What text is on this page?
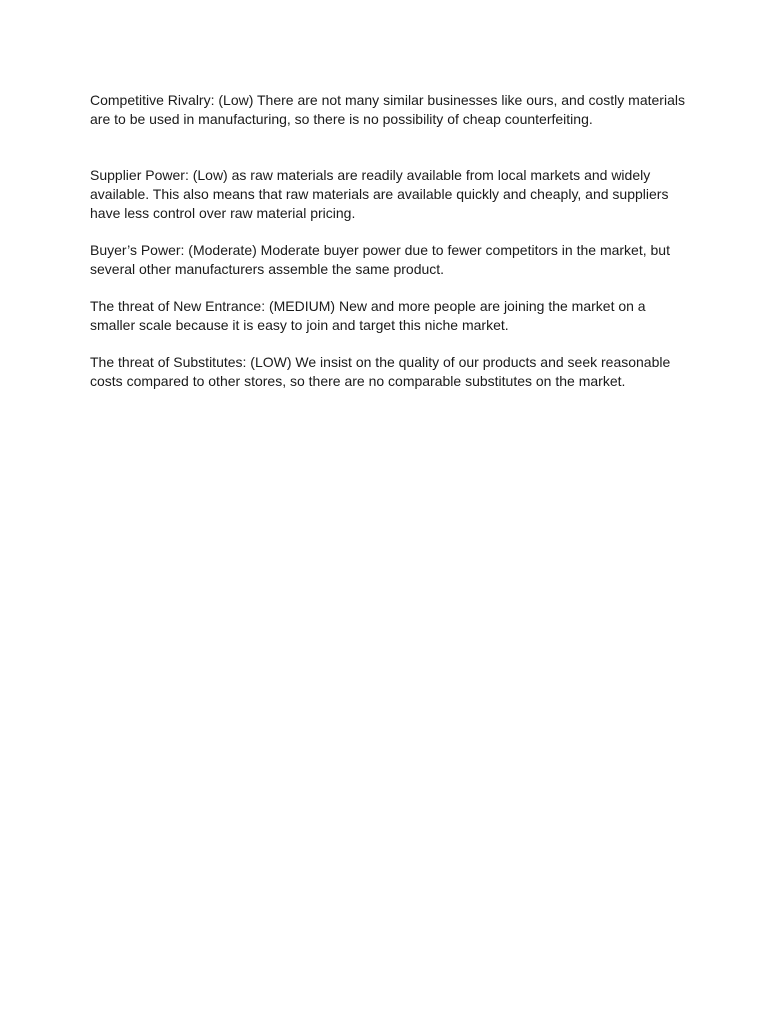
Competitive Rivalry: (Low) There are not many similar businesses like ours, and costly materials are to be used in manufacturing, so there is no possibility of cheap counterfeiting.

Supplier Power: (Low) as raw materials are readily available from local markets and widely available. This also means that raw materials are available quickly and cheaply, and suppliers have less control over raw material pricing.

Buyer’s Power: (Moderate) Moderate buyer power due to fewer competitors in the market, but several other manufacturers assemble the same product.

The threat of New Entrance: (MEDIUM) New and more people are joining the market on a smaller scale because it is easy to join and target this niche market.

The threat of Substitutes: (LOW) We insist on the quality of our products and seek reasonable costs compared to other stores, so there are no comparable substitutes on the market.
